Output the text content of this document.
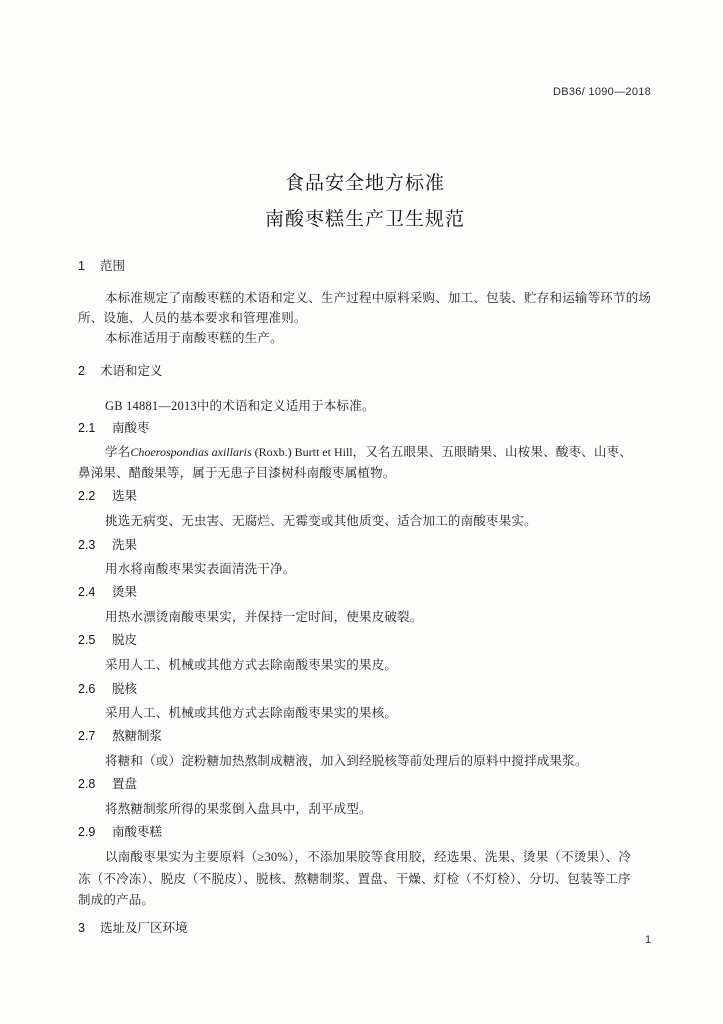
DB36/ 1090—2018
食品安全地方标准
南酸枣糕生产卫生规范
1 范围
本标准规定了南酸枣糕的术语和定义、生产过程中原料采购、加工、包装、贮存和运输等环节的场
所、设施、人员的基本要求和管理准则。
本标准适用于南酸枣糕的生产。
2 术语和定义
GB 14881—2013中的术语和定义适用于本标准。
2.1 南酸枣
学名Choerospondias axillaris (Roxb.) Burtt et Hill，又名五眼果、五眼睛果、山桉果、酸枣、山枣、
鼻涕果、醋酸果等，属于无患子目漆树科南酸枣属植物。
2.2 选果
挑选无病变、无虫害、无腐烂、无霉变或其他质变、适合加工的南酸枣果实。
2.3 洗果
用水将南酸枣果实表面清洗干净。
2.4 烫果
用热水漂烫南酸枣果实，并保持一定时间，使果皮破裂。
2.5 脱皮
采用人工、机械或其他方式去除南酸枣果实的果皮。
2.6 脱核
采用人工、机械或其他方式去除南酸枣果实的果核。
2.7 熬糖制浆
将糖和（或）淀粉糖加热熬制成糖液，加入到经脱核等前处理后的原料中搅拌成果浆。
2.8 置盘
将熬糖制浆所得的果浆倒入盘具中，刮平成型。
2.9 南酸枣糕
以南酸枣果实为主要原料（≥30%），不添加果胶等食用胶，经选果、洗果、烫果（不烫果）、冷
冻（不冷冻）、脱皮（不脱皮）、脱核、熬糖制浆、置盘、干燥、灯检（不灯检）、分切、包装等工序
制成的产品。
3 选址及厂区环境
1
